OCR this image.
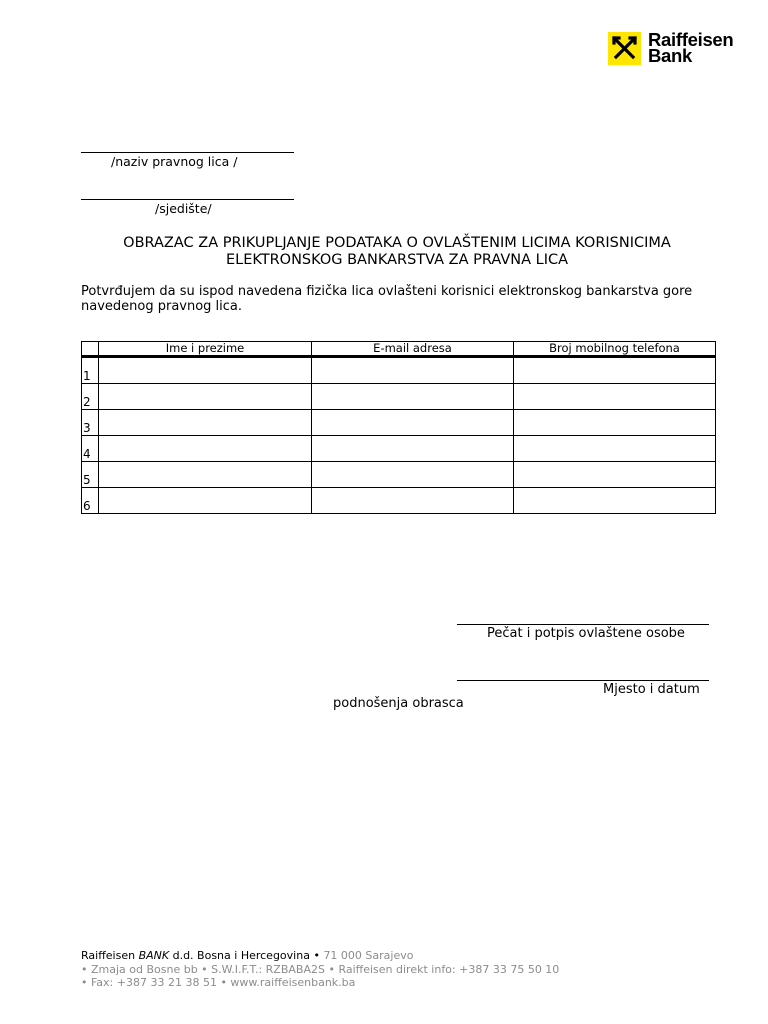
Raiffeisen
Bank
/naziv pravnog lica /
/sjedište/
OBRAZAC ZA PRIKUPLJANJE PODATAKA O OVLAŠTENIM LICIMA KORISNICIMA
ELEKTRONSKOG BANKARSTVA ZA PRAVNA LICA
Potvrđujem da su ispod navedena fizička lica ovlašteni korisnici elektronskog bankarstva gore navedenog pravnog lica.
	Ime i prezime	E-mail adresa	Broj mobilnog telefona
1			
2			
3			
4			
5			
6			
Pečat i potpis ovlaštene osobe
Mjesto i datum
podnošenja obrasca
Raiffeisen BANK d.d. Bosna i Hercegovina • 71 000 Sarajevo
• Zmaja od Bosne bb • S.W.I.F.T.: RZBABA2S • Raiffeisen direkt info: +387 33 75 50 10
• Fax: +387 33 21 38 51 • www.raiffeisenbank.ba
